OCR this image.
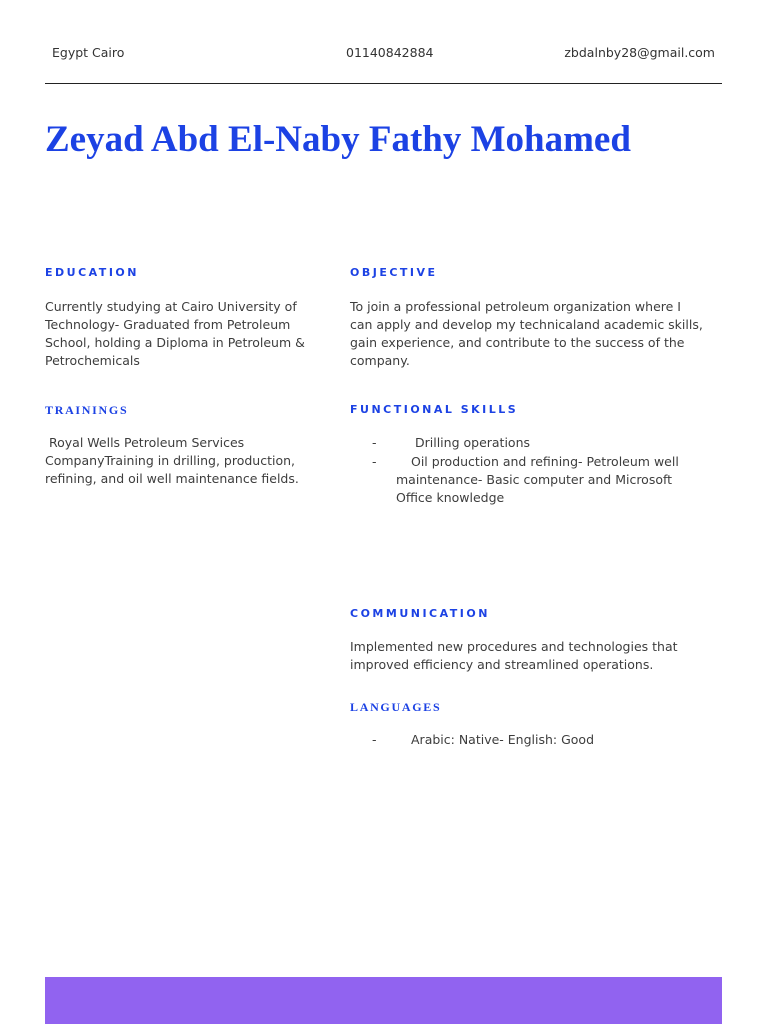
Egypt Cairo	01140842884	zbdalnby28@gmail.com
Zeyad Abd El-Naby Fathy Mohamed
EDUCATION

Currently studying at Cairo University of Technology- Graduated from Petroleum School, holding a Diploma in Petroleum & Petrochemicals

OBJECTIVE

To join a professional petroleum organization where I can apply and develop my technicaland academic skills, gain experience, and contribute to the success of the company.

TRAININGS

Royal Wells Petroleum Services CompanyTraining in drilling, production, refining, and oil well maintenance fields.

FUNCTIONAL SKILLS
-	Drilling operations
-	Oil production and refining- Petroleum well maintenance- Basic computer and Microsoft Office knowledge
COMMUNICATION

Implemented new procedures and technologies that improved efficiency and streamlined operations.

LANGUAGES
-	Arabic: Native- English: Good
